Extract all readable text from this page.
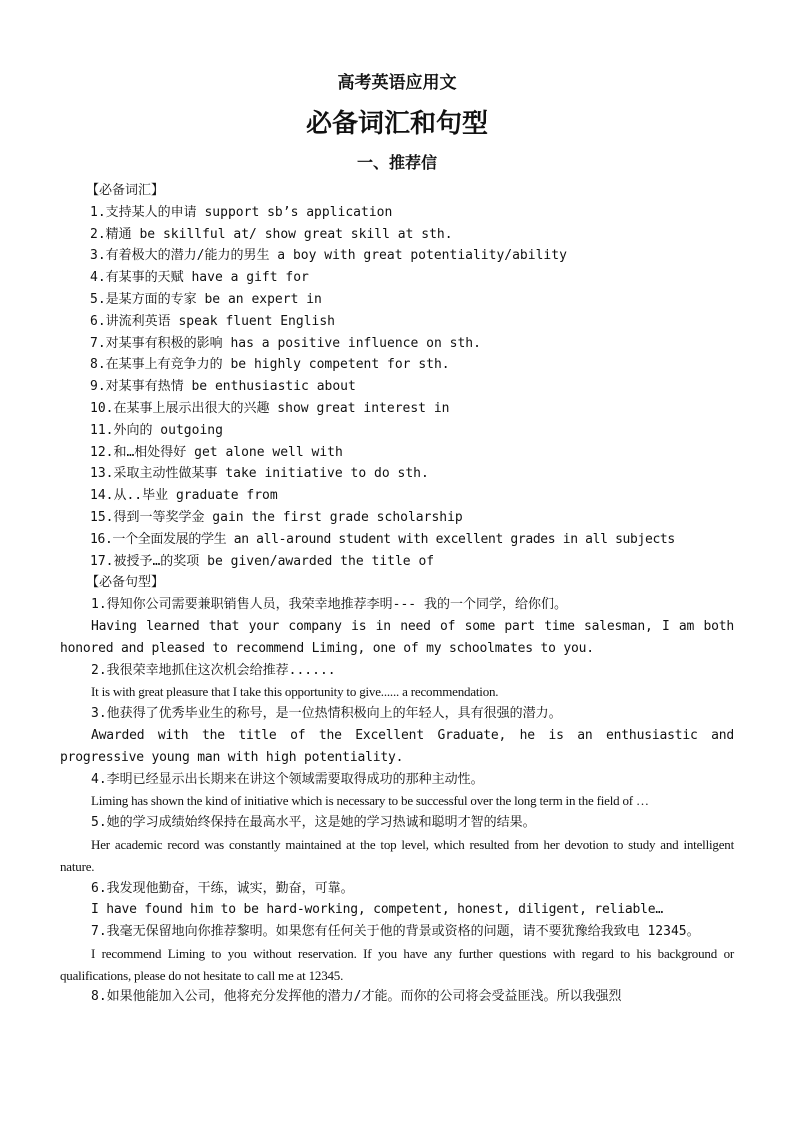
高考英语应用文
必备词汇和句型
一、推荐信
【必备词汇】
1.支持某人的申请 support sb’s application
2.精通 be skillful at/ show great skill at sth.
3.有着极大的潜力/能力的男生 a boy with great potentiality/ability
4.有某事的天赋 have a gift for
5.是某方面的专家 be an expert in
6.讲流利英语 speak fluent English
7.对某事有积极的影响 has a positive influence on sth.
8.在某事上有竞争力的 be highly competent for sth.
9.对某事有热情 be enthusiastic about
10.在某事上展示出很大的兴趣 show great interest in
11.外向的 outgoing
12.和…相处得好 get alone well with
13.采取主动性做某事 take initiative to do sth.
14.从..毕业 graduate from
15.得到一等奖学金 gain the first grade scholarship
16.一个全面发展的学生 an all-around student with excellent grades in all subjects
17.被授予…的奖项 be given/awarded the title of
【必备句型】
1.得知你公司需要兼职销售人员，我荣幸地推荐李明--- 我的一个同学，给你们。
Having learned that your company is in need of some part time salesman, I am both honored and pleased to recommend Liming, one of my schoolmates to you.
2.我很荣幸地抓住这次机会给推荐......
It is with great pleasure that I take this opportunity to give...... a recommendation.
3.他获得了优秀毕业生的称号，是一位热情积极向上的年轻人，具有很强的潜力。
Awarded with the title of the Excellent Graduate, he is an enthusiastic and progressive young man with high potentiality.
4.李明已经显示出长期来在讲这个领域需要取得成功的那种主动性。
Liming has shown the kind of initiative which is necessary to be successful over the long term in the field of …
5.她的学习成绩始终保持在最高水平，这是她的学习热诚和聪明才智的结果。
Her academic record was constantly maintained at the top level, which resulted from her devotion to study and intelligent nature.
6.我发现他勤奋，干练，诚实，勤奋，可靠。
I have found him to be hard-working, competent, honest, diligent, reliable…
7.我毫无保留地向你推荐黎明。如果您有任何关于他的背景或资格的问题，请不要犹豫给我致电 12345。
I recommend Liming to you without reservation. If you have any further questions with regard to his background or qualifications, please do not hesitate to call me at 12345.
8.如果他能加入公司，他将充分发挥他的潜力/才能。而你的公司将会受益匪浅。所以我强烈
